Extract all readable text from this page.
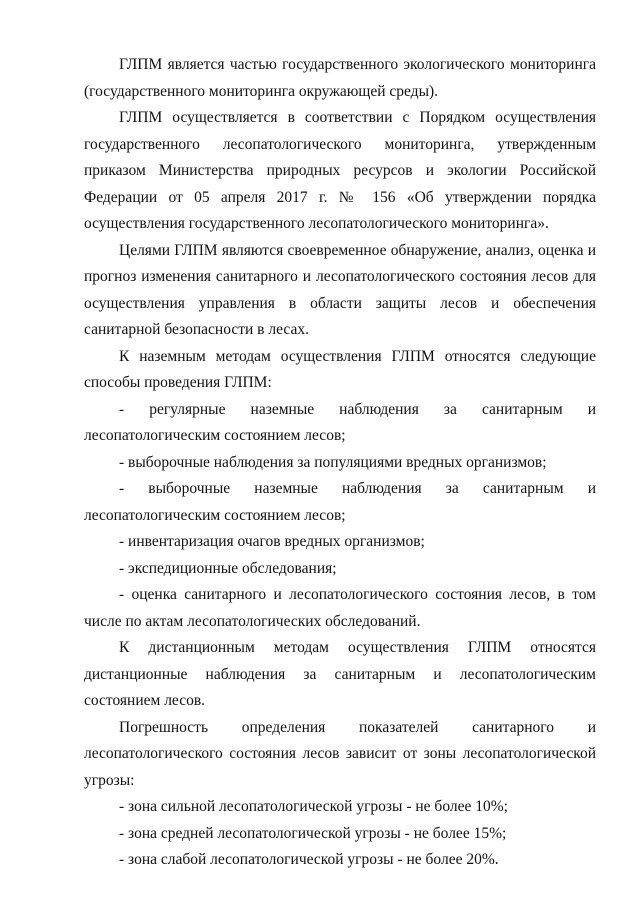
ГЛПМ является частью государственного экологического мониторинга (государственного мониторинга окружающей среды).

ГЛПМ осуществляется в соответствии с Порядком осуществления государственного лесопатологического мониторинга, утвержденным приказом Министерства природных ресурсов и экологии Российской Федерации от 05 апреля 2017 г. № 156 «Об утверждении порядка осуществления государственного лесопатологического мониторинга».

Целями ГЛПМ являются своевременное обнаружение, анализ, оценка и прогноз изменения санитарного и лесопатологического состояния лесов для осуществления управления в области защиты лесов и обеспечения санитарной безопасности в лесах.

К наземным методам осуществления ГЛПМ относятся следующие способы проведения ГЛПМ:

- регулярные наземные наблюдения за санитарным и лесопатологическим состоянием лесов;

- выборочные наблюдения за популяциями вредных организмов;

- выборочные наземные наблюдения за санитарным и лесопатологическим состоянием лесов;

- инвентаризация очагов вредных организмов;

- экспедиционные обследования;

- оценка санитарного и лесопатологического состояния лесов, в том числе по актам лесопатологических обследований.

К дистанционным методам осуществления ГЛПМ относятся дистанционные наблюдения за санитарным и лесопатологическим состоянием лесов.

Погрешность определения показателей санитарного и лесопатологического состояния лесов зависит от зоны лесопатологической угрозы:

- зона сильной лесопатологической угрозы - не более 10%;

- зона средней лесопатологической угрозы - не более 15%;

- зона слабой лесопатологической угрозы - не более 20%.
